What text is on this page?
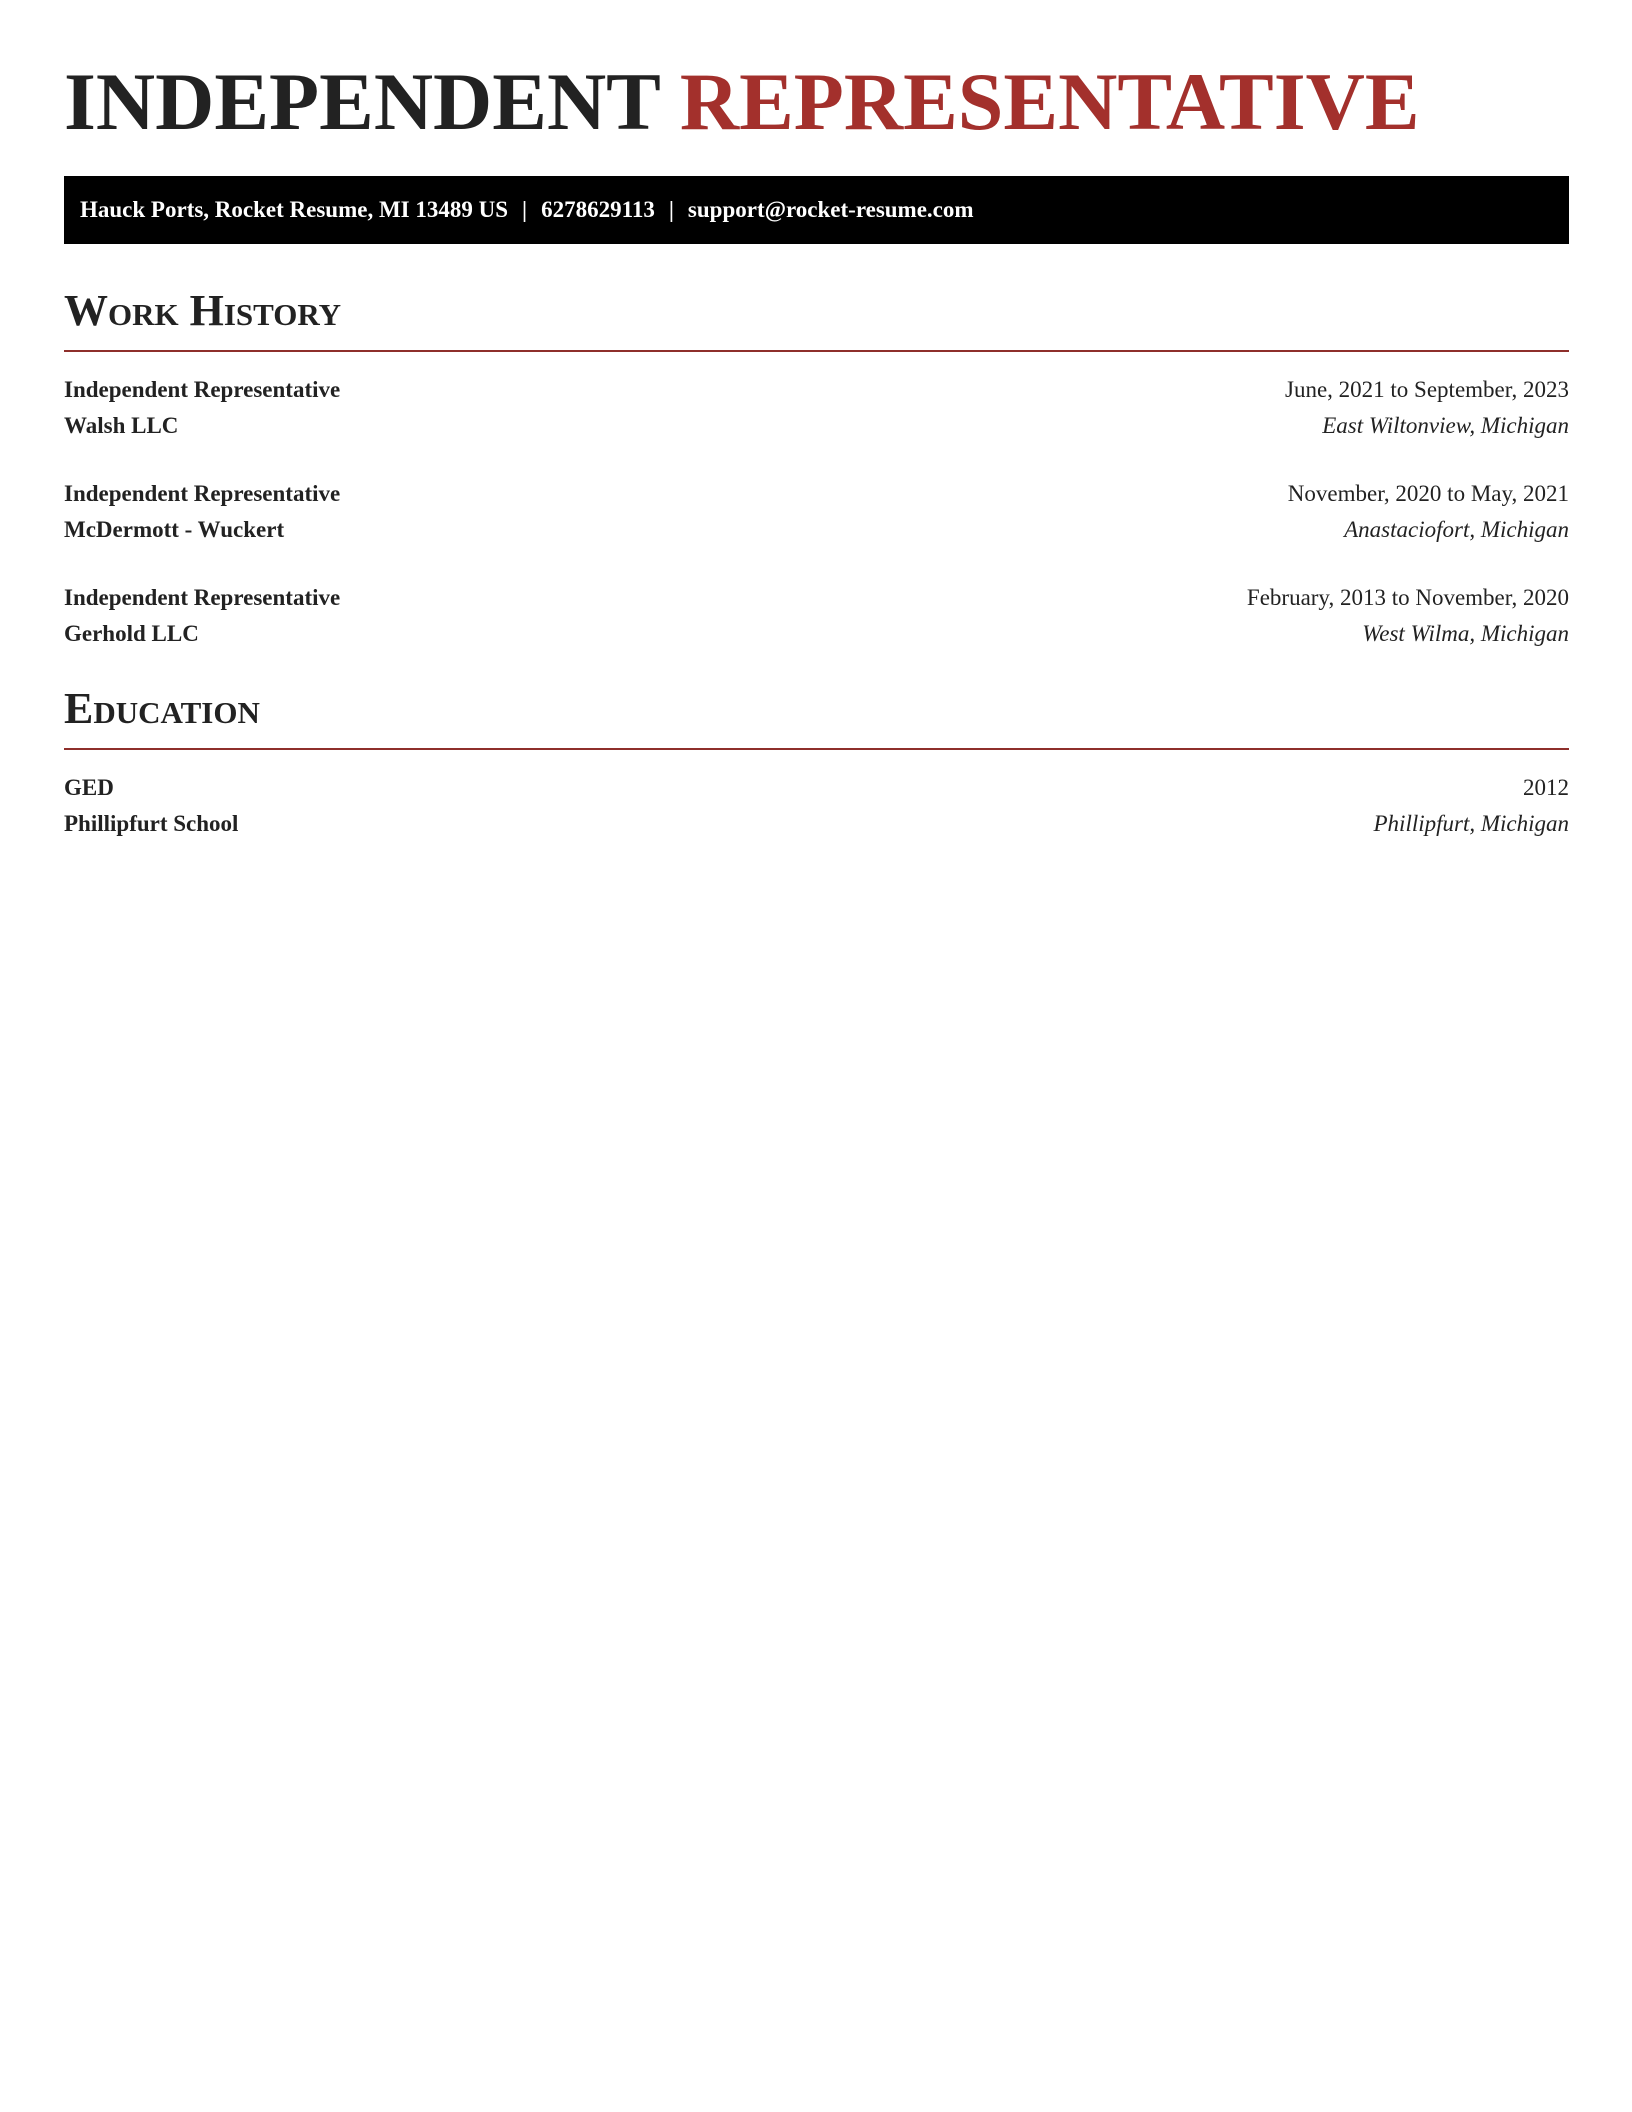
INDEPENDENT REPRESENTATIVE
Hauck Ports, Rocket Resume, MI 13489 US | 6278629113 | support@rocket-resume.com
Work History
Independent Representative	June, 2021 to September, 2023
Walsh LLC	East Wiltonview, Michigan
Independent Representative	November, 2020 to May, 2021
McDermott - Wuckert	Anastaciofort, Michigan
Independent Representative	February, 2013 to November, 2020
Gerhold LLC	West Wilma, Michigan
Education
GED	2012
Phillipfurt School	Phillipfurt, Michigan
